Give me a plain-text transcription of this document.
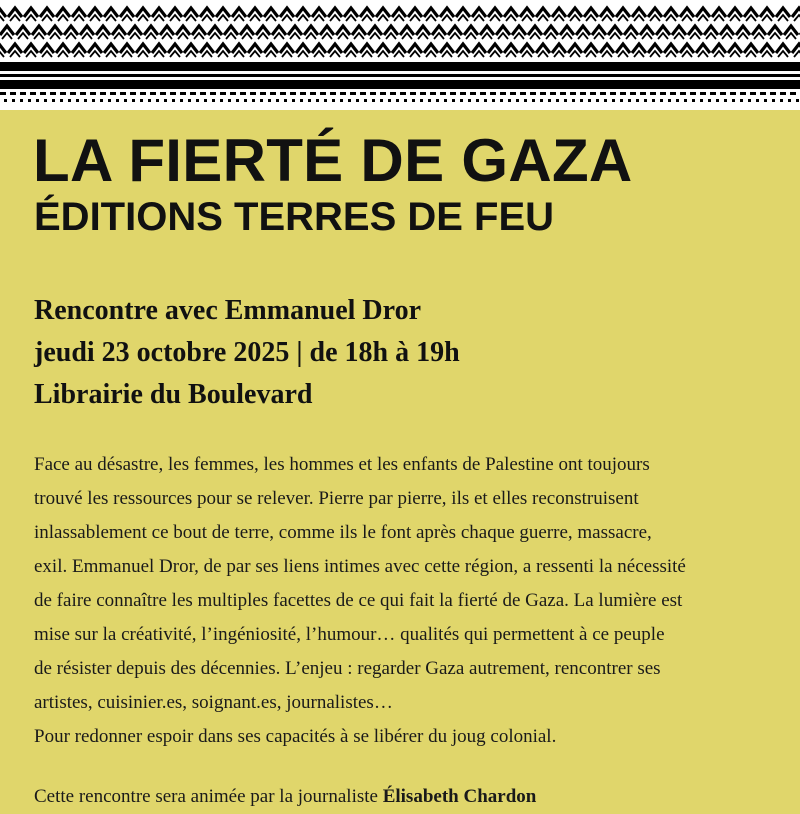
LA FIERTÉ DE GAZA
ÉDITIONS TERRES DE FEU
Rencontre avec Emmanuel Dror
jeudi 23 octobre 2025 | de 18h à 19h
Librairie du Boulevard
Face au désastre, les femmes, les hommes et les enfants de Palestine ont toujours
trouvé les ressources pour se relever. Pierre par pierre, ils et elles reconstruisent
inlassablement ce bout de terre, comme ils le font après chaque guerre, massacre,
exil. Emmanuel Dror, de par ses liens intimes avec cette région, a ressenti la nécessité
de faire connaître les multiples facettes de ce qui fait la fierté de Gaza. La lumière est
mise sur la créativité, l’ingéniosité, l’humour… qualités qui permettent à ce peuple
de résister depuis des décennies. L’enjeu : regarder Gaza autrement, rencontrer ses
artistes, cuisinier.es, soignant.es, journalistes…
Pour redonner espoir dans ses capacités à se libérer du joug colonial.
Cette rencontre sera animée par la journaliste Élisabeth Chardon
